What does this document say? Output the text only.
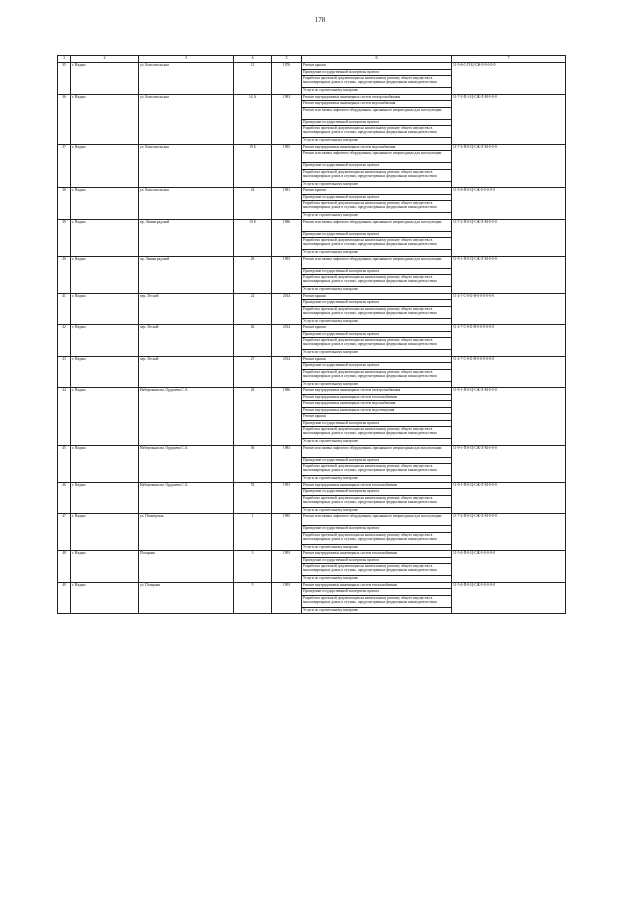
178
1	2	3	4	5	6	7
35	г. Надым	ул. Комсомольская	12	1976	Ремонт крыши	11-5-6-С-П-Ц-СЖ-0-0-0-0-0
					Проведение государственной экспертизы проекта	
					Разработка проектной документации на капитальному ремонту общего имущества в многоквартирных домах в случаях, предусмотренных федеральным законодательством	
					Услуги по строительному контролю	
36	г. Надым	ул. Комсомольская	14 А	1983	Ремонт внутридомовых инженерных систем электроснабжения	11-7-2-П-1-Ц-СЖ-Л-М-0-0-0
					Ремонт внутридомовых инженерных систем водоснабжения	
					Ремонт или замена лифтового оборудования, признанного непригодным для эксплуатации	
					Проведение государственной экспертизы проекта	
					Разработка проектной документации на капитальному ремонту общего имущества в многоквартирных домах в случаях, предусмотренных федеральным законодательством	
					Услуги по строительному контролю	
37	г. Надым	ул. Комсомольская	19 Б	1985	Ремонт внутридомовых инженерных систем водоснабжения	11-7-2-П-0-Ц-СЖ-Л-М-0-0-0
					Ремонт или замена лифтового оборудования, признанного непригодным для эксплуатации	
					Проведение государственной экспертизы проекта	
					Разработка проектной документации на капитальному ремонту общего имущества в многоквартирных домах в случаях, предусмотренных федеральным законодательством	
					Услуги по строительному контролю	
38	г. Надым	ул. Комсомольская	24	1981	Ремонт крыши	11-5-6-П-0-Ц-СЖ-0-0-0-0-0
					Проведение государственной экспертизы проекта	
					Разработка проектной документации на капитальному ремонту общего имущества в многоквартирных домах в случаях, предусмотренных федеральным законодательством	
					Услуги по строительному контролю	
39	г. Надым	пр. Ленинградский	10 Е	1986	Ремонт или замена лифтового оборудования, признанного непригодным для эксплуатации	11-7-2-П-0-Ц-СЖ-Л-М-0-0-0
					Проведение государственной экспертизы проекта	
					Разработка проектной документации на капитальному ремонту общего имущества в многоквартирных домах в случаях, предусмотренных федеральным законодательством	
					Услуги по строительному контролю	
40	г. Надым	пр. Ленинградский	28	1983	Ремонт или замена лифтового оборудования, признанного непригодным для эксплуатации	11-9-1-П-0-Ц-СЖ-Л-М-0-0-0
					Проведение государственной экспертизы проекта	
					Разработка проектной документации на капитальному ремонту общего имущества в многоквартирных домах в случаях, предусмотренных федеральным законодательством	
					Услуги по строительному контролю	
41	г. Надым	пер. Лесной	22	2014	Ремонт крыши	11-2-7-С-0-Б-Н-0-0-0-0-0-0
					Проведение государственной экспертизы проекта	
					Разработка проектной документации на капитальному ремонту общего имущества в многоквартирных домах в случаях, предусмотренных федеральным законодательством	
					Услуги по строительному контролю	
42	г. Надым	пер. Лесной	26	2014	Ремонт крыши	11-2-7-С-0-Б-Н-0-0-0-0-0-0
					Проведение государственной экспертизы проекта	
					Разработка проектной документации на капитальному ремонту общего имущества в многоквартирных домах в случаях, предусмотренных федеральным законодательством	
					Услуги по строительному контролю	
43	г. Надым	пер. Лесной	27	2014	Ремонт крыши	11-2-7-С-0-Б-Н-0-0-0-0-0-0
					Проведение государственной экспертизы проекта	
					Разработка проектной документации на капитальному ремонту общего имущества в многоквартирных домах в случаях, предусмотренных федеральным законодательством	
					Услуги по строительному контролю	
44	г. Надым	Набережная им. Оруджева С.А.	28	1986	Ремонт внутридомовых инженерных систем электроснабжения	11-9-1-П-0-Ц-СЖ-Л-М-0-0-0
					Ремонт внутридомовых инженерных систем теплоснабжения	
					Ремонт внутридомовых инженерных систем водоснабжения	
					Ремонт внутридомовых инженерных систем водоотведения	
					Ремонт крыши	
					Проведение государственной экспертизы проекта	
					Разработка проектной документации на капитальному ремонту общего имущества в многоквартирных домах в случаях, предусмотренных федеральным законодательством	
					Услуги по строительному контролю	
45	г. Надым	Набережная им. Оруджева С.А.	36	1983	Ремонт или замена лифтового оборудования, признанного непригодным для эксплуатации	11-9-1-П-0-Ц-СЖ-Л-М-0-0-0
					Проведение государственной экспертизы проекта	
					Разработка проектной документации на капитальному ремонту общего имущества в многоквартирных домах в случаях, предусмотренных федеральным законодательством	
					Услуги по строительному контролю	
46	г. Надым	Набережная им. Оруджева С.А.	53	1991	Ремонт внутридомовых инженерных систем теплоснабжения	11-9-1-П-0-Ц-СЖ-Л-М-0-0-0
					Проведение государственной экспертизы проекта	
					Разработка проектной документации на капитальному ремонту общего имущества в многоквартирных домах в случаях, предусмотренных федеральным законодательством	
					Услуги по строительному контролю	
47	г. Надым	ул. Пионерская	1	1985	Ремонт или замена лифтового оборудования, признанного непригодным для эксплуатации	11-7-2-П-0-Ц-СЖ-Л-М-0-0-0
					Проведение государственной экспертизы проекта	
					Разработка проектной документации на капитальному ремонту общего имущества в многоквартирных домах в случаях, предусмотренных федеральным законодательством	
					Услуги по строительному контролю	
48	г. Надым	Полярная	3	1993	Ремонт внутридомовых инженерных систем теплоснабжения	11-5-4-П-0-Ц-СЖ-0-0-0-0-0
					Проведение государственной экспертизы проекта	
					Разработка проектной документации на капитальному ремонту общего имущества в многоквартирных домах в случаях, предусмотренных федеральным законодательством	
					Услуги по строительному контролю	
49	г. Надым	ул. Полярная	5	1993	Ремонт внутридомовых инженерных систем теплоснабжения	11-5-4-П-0-Ц-СЖ-0-0-0-0-0
					Проведение государственной экспертизы проекта	
					Разработка проектной документации на капитальному ремонту общего имущества в многоквартирных домах в случаях, предусмотренных федеральным законодательством	
					Услуги по строительному контролю	
